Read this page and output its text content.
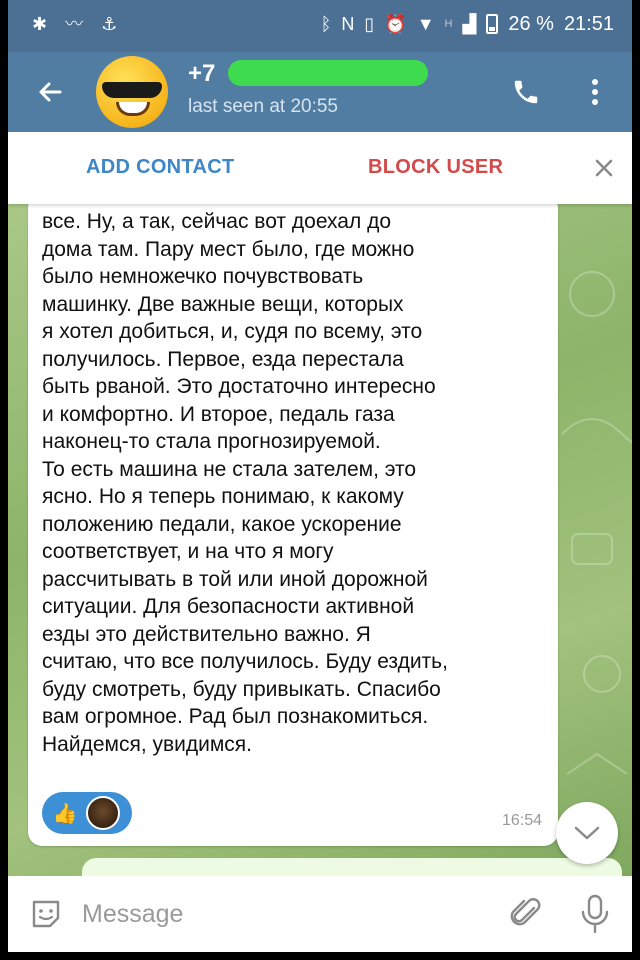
✱ 〰 ⚓	ᛒ N ▯ ⏰ ▼ H ▟ 26 % 21:51
+7
last seen at 20:55
ADD CONTACT	BLOCK USER
все. Ну, а так, сейчас вот доехал до
дома там. Пару мест было, где можно
было немножечко почувствовать
машинку. Две важные вещи, которых
я хотел добиться, и, судя по всему, это
получилось. Первое, езда перестала
быть рваной. Это достаточно интересно
и комфортно. И второе, педаль газа
наконец-то стала прогнозируемой.
То есть машина не стала зателем, это
ясно. Но я теперь понимаю, к какому
положению педали, какое ускорение
соответствует, и на что я могу
рассчитывать в той или иной дорожной
ситуации. Для безопасности активной
езды это действительно важно. Я
считаю, что все получилось. Буду ездить,
буду смотреть, буду привыкать. Спасибо
вам огромное. Рад был познакомиться.
Найдемся, увидимся.
👍	16:54
Message
